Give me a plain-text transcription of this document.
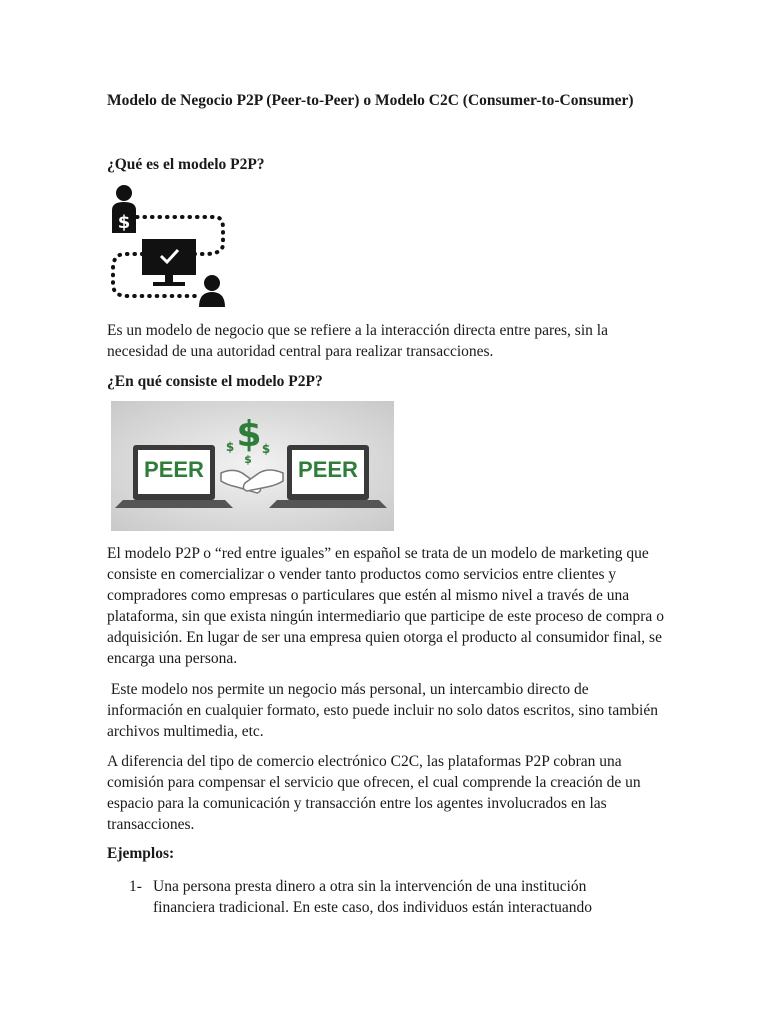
Modelo de Negocio P2P (Peer-to-Peer) o Modelo C2C (Consumer-to-Consumer)
¿Qué es el modelo P2P?
$

Es un modelo de negocio que se refiere a la interacción directa entre pares, sin la necesidad de una autoridad central para realizar transacciones.

¿En qué consiste el modelo P2P?
$
$
$
$
PEER	PEER

El modelo P2P o “red entre iguales” en español se trata de un modelo de marketing que consiste en comercializar o vender tanto productos como servicios entre clientes y compradores como empresas o particulares que estén al mismo nivel a través de una plataforma, sin que exista ningún intermediario que participe de este proceso de compra o adquisición. En lugar de ser una empresa quien otorga el producto al consumidor final, se encarga una persona.

Este modelo nos permite un negocio más personal, un intercambio directo de información en cualquier formato, esto puede incluir no solo datos escritos, sino también archivos multimedia, etc.

A diferencia del tipo de comercio electrónico C2C, las plataformas P2P cobran una comisión para compensar el servicio que ofrecen, el cual comprende la creación de un espacio para la comunicación y transacción entre los agentes involucrados en las transacciones.

Ejemplos:
1- Una persona presta dinero a otra sin la intervención de una institución financiera tradicional. En este caso, dos individuos están interactuando
